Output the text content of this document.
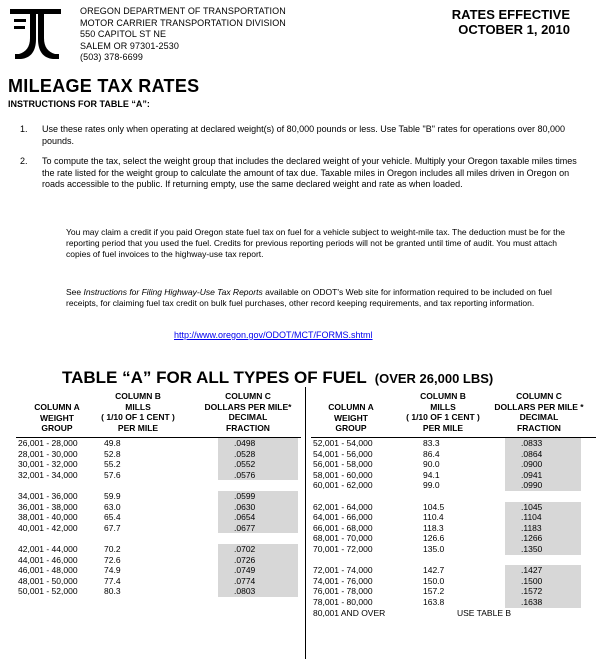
OREGON DEPARTMENT OF TRANSPORTATION
MOTOR CARRIER TRANSPORTATION DIVISION
550 CAPITOL ST NE
SALEM OR 97301-2530
(503) 378-6699
RATES EFFECTIVE
OCTOBER 1, 2010
MILEAGE TAX RATES
INSTRUCTIONS FOR TABLE “A”:
1. Use these rates only when operating at declared weight(s) of 80,000 pounds or less. Use Table "B" rates for operations over 80,000 pounds.
2. To compute the tax, select the weight group that includes the declared weight of your vehicle. Multiply your Oregon taxable miles times the rate listed for the weight group to calculate the amount of tax due. Taxable miles in Oregon includes all miles driven in Oregon on roads accessible to the public. If returning empty, use the same declared weight and rate as when loaded.
You may claim a credit if you paid Oregon state fuel tax on fuel for a vehicle subject to weight-mile tax. The deduction must be for the reporting period that you used the fuel. Credits for previous reporting periods will not be granted until time of audit. You must attach copies of fuel invoices to the highway-use tax report.
See Instructions for Filing Highway-Use Tax Reports available on ODOT's Web site for information required to be included on fuel receipts, for claiming fuel tax credit on bulk fuel purchases, other record keeping requirements, and tax reporting information.
http://www.oregon.gov/ODOT/MCT/FORMS.shtml
TABLE “A” FOR ALL TYPES OF FUEL (OVER 26,000 LBS)
COLUMN A
WEIGHT
GROUP
COLUMN B
MILLS
( 1/10 OF 1 CENT )
PER MILE
COLUMN C
DOLLARS PER MILE*
DECIMAL
FRACTION
26,001 - 28,000	49.8	.0498
28,001 - 30,000	52.8	.0528
30,001 - 32,000	55.2	.0552
32,001 - 34,000	57.6	.0576
34,001 - 36,000	59.9	.0599
36,001 - 38,000	63.0	.0630
38,001 - 40,000	65.4	.0654
40,001 - 42,000	67.7	.0677
42,001 - 44,000	70.2	.0702
44,001 - 46,000	72.6	.0726
46,001 - 48,000	74.9	.0749
48,001 - 50,000	77.4	.0774
50,001 - 52,000	80.3	.0803
COLUMN A
WEIGHT
GROUP
COLUMN B
MILLS
( 1/10 OF 1 CENT )
PER MILE
COLUMN C
DOLLARS PER MILE *
DECIMAL
FRACTION
52,001 - 54,000	83.3	.0833
54,001 - 56,000	86.4	.0864
56,001 - 58,000	90.0	.0900
58,001 - 60,000	94.1	.0941
60,001 - 62,000	99.0	.0990
62,001 - 64,000	104.5	.1045
64,001 - 66,000	110.4	.1104
66,001 - 68,000	118.3	.1183
68,001 - 70,000	126.6	.1266
70,001 - 72,000	135.0	.1350
72,001 - 74,000	142.7	.1427
74,001 - 76,000	150.0	.1500
76,001 - 78,000	157.2	.1572
78,001 - 80,000	163.8	.1638
80,001 AND OVER	USE TABLE B
